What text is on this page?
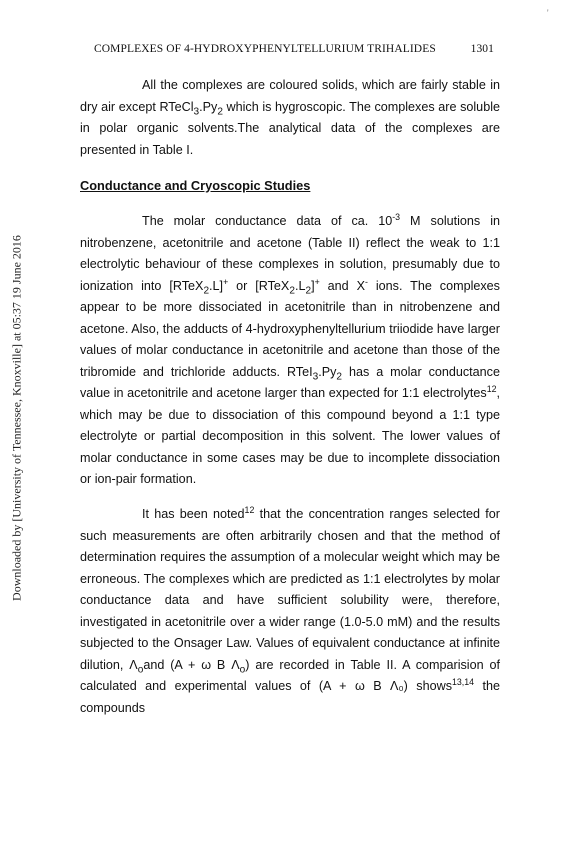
'
Downloaded by [University of Tennessee, Knoxville] at 05:37 19 June 2016
COMPLEXES OF 4-HYDROXYPHENYLTELLURIUM TRIHALIDES	1301

All the complexes are coloured solids, which are fairly stable in dry air except $RTeCl_3.Py_2$ which is hygroscopic. The complexes are soluble in polar organic solvents.The analytical data of the complexes are presented in Table I.

Conductance and Cryoscopic Studies

The molar conductance data of ca. $10^{-3}$ M solutions in nitrobenzene, acetonitrile and acetone (Table II) reflect the weak to 1:1 electrolytic behaviour of these complexes in solution, presumably due to ionization into [RTeX$_2$.L]+ or $[RTeX_2.L_2]^+$ and X- ions. The complexes appear to be more dissociated in acetonitrile than in nitrobenzene and acetone. Also, the adducts of 4-hydroxyphenyltellurium triiodide have larger values of molar conductance in acetonitrile and acetone than those of the tribromide and trichloride adducts. $RTeI_3.Py_2$ has a molar conductance value in acetonitrile and acetone larger than expected for 1:1 electrolytes$^{12}$, which may be due to dissociation of this compound beyond a 1:1 type electrolyte or partial decomposition in this solvent. The lower values of molar conductance in some cases may be due to incomplete dissociation or ion-pair formation.

It has been noted$^{12}$ that the concentration ranges selected for such measurements are often arbitrarily chosen and that the method of determination requires the assumption of a molecular weight which may be erroneous. The complexes which are predicted as 1:1 electrolytes by molar conductance data and have sufficient solubility were, therefore, investigated in acetonitrile over a wider range (1.0-5.0 mM) and the results subjected to the Onsager Law. Values of equivalent conductance at infinite dilution, $\Lambda_oand$ (A + ω B $\Lambda_o$) are recorded in Table II. A comparision of calculated and experimental values of (A + ω B Λ₀) shows$^{13,14}$ the compounds
